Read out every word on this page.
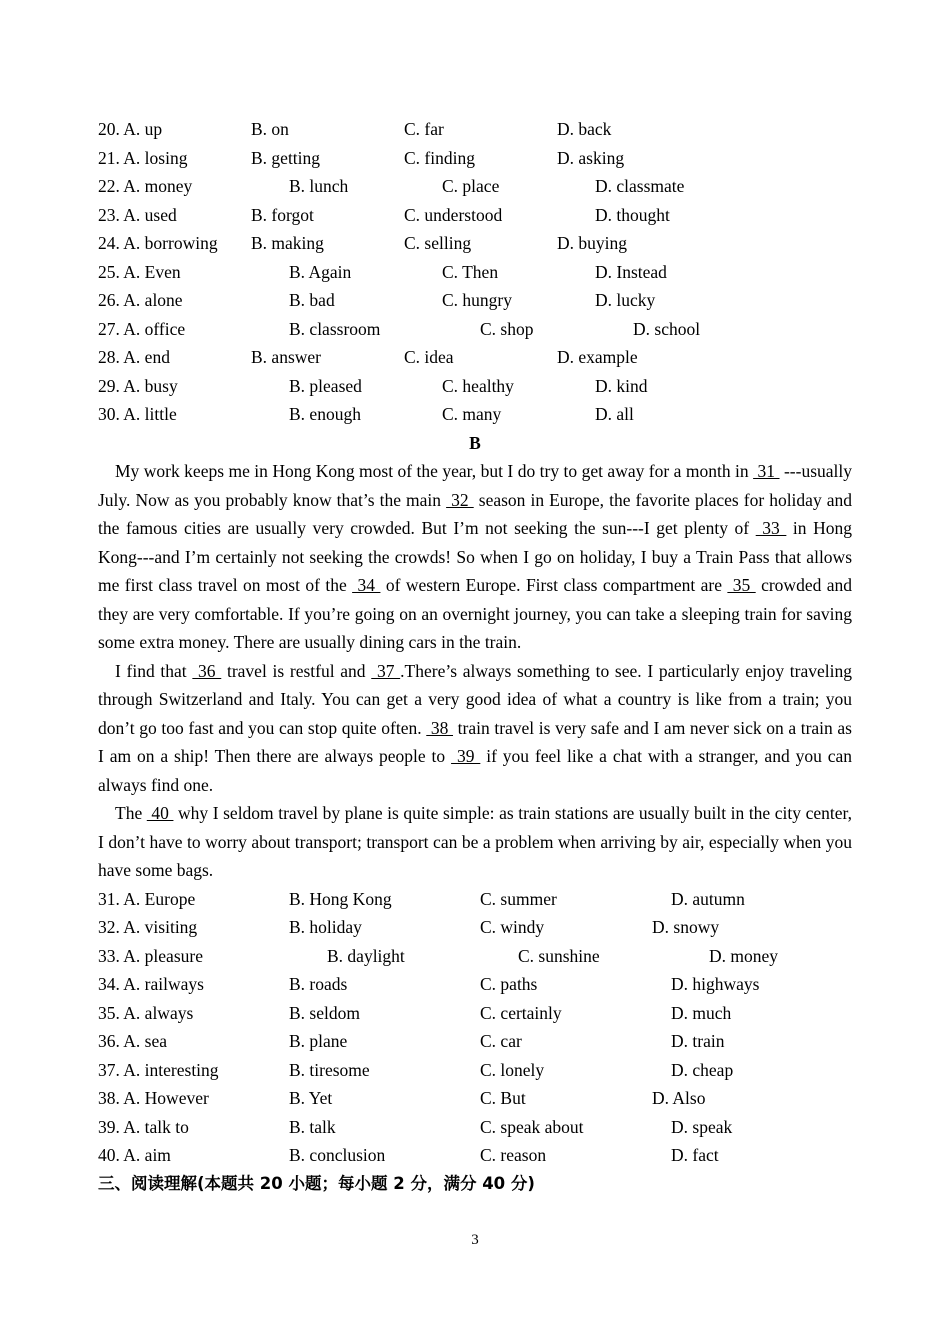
20. A. up	B. on	C. far	D. back
21. A. losing	B. getting	C. finding	D. asking
22. A. money	B. lunch	C. place	D. classmate
23. A. used	B. forgot	C. understood	D. thought
24. A. borrowing B. making	C. selling	D. buying
25. A. Even	B. Again	C. Then	D. Instead
26. A. alone	B. bad	C. hungry	D. lucky
27. A. office	B. classroom	C. shop	D. school
28. A. end	B. answer	C. idea	D. example
29. A. busy	B. pleased	C. healthy	D. kind
30. A. little	B. enough	C. many	D. all
B
My work keeps me in Hong Kong most of the year, but I do try to get away for a month in  31  ---usually July. Now as you probably know that’s the main  32  season in Europe, the favorite places for holiday and the famous cities are usually very crowded. But I’m not seeking the sun---I get plenty of  33  in Hong Kong---and I’m certainly not seeking the crowds! So when I go on holiday, I buy a Train Pass that allows me first class travel on most of the  34  of western Europe. First class compartment are  35  crowded and they are very comfortable. If you’re going on an overnight journey, you can take a sleeping train for saving some extra money. There are usually dining cars in the train.
I find that  36  travel is restful and  37 .There’s always something to see. I particularly enjoy traveling through Switzerland and Italy. You can get a very good idea of what a country is like from a train; you don’t go too fast and you can stop quite often.  38  train travel is very safe and I am never sick on a train as I am on a ship! Then there are always people to  39  if you feel like a chat with a stranger, and you can always find one.
The  40  why I seldom travel by plane is quite simple: as train stations are usually built in the city center, I don’t have to worry about transport; transport can be a problem when arriving by air, especially when you have some bags.
31. A. Europe	B. Hong Kong	C. summer	D. autumn
32. A. visiting	B. holiday	C. windy	D. snowy
33. A. pleasure	B. daylight	C. sunshine	D. money
34. A. railways	B. roads	C. paths	D. highways
35. A. always	B. seldom	C. certainly	D. much
36. A. sea	B. plane	C. car	D. train
37. A. interesting	B. tiresome	C. lonely	D. cheap
38. A. However	B. Yet	C. But	D. Also
39. A. talk to	B. talk	C. speak about	D. speak
40. A. aim	B. conclusion	C. reason	D. fact
三、阅读理解(本题共 20 小题；每小题 2 分，满分 40 分)
3
